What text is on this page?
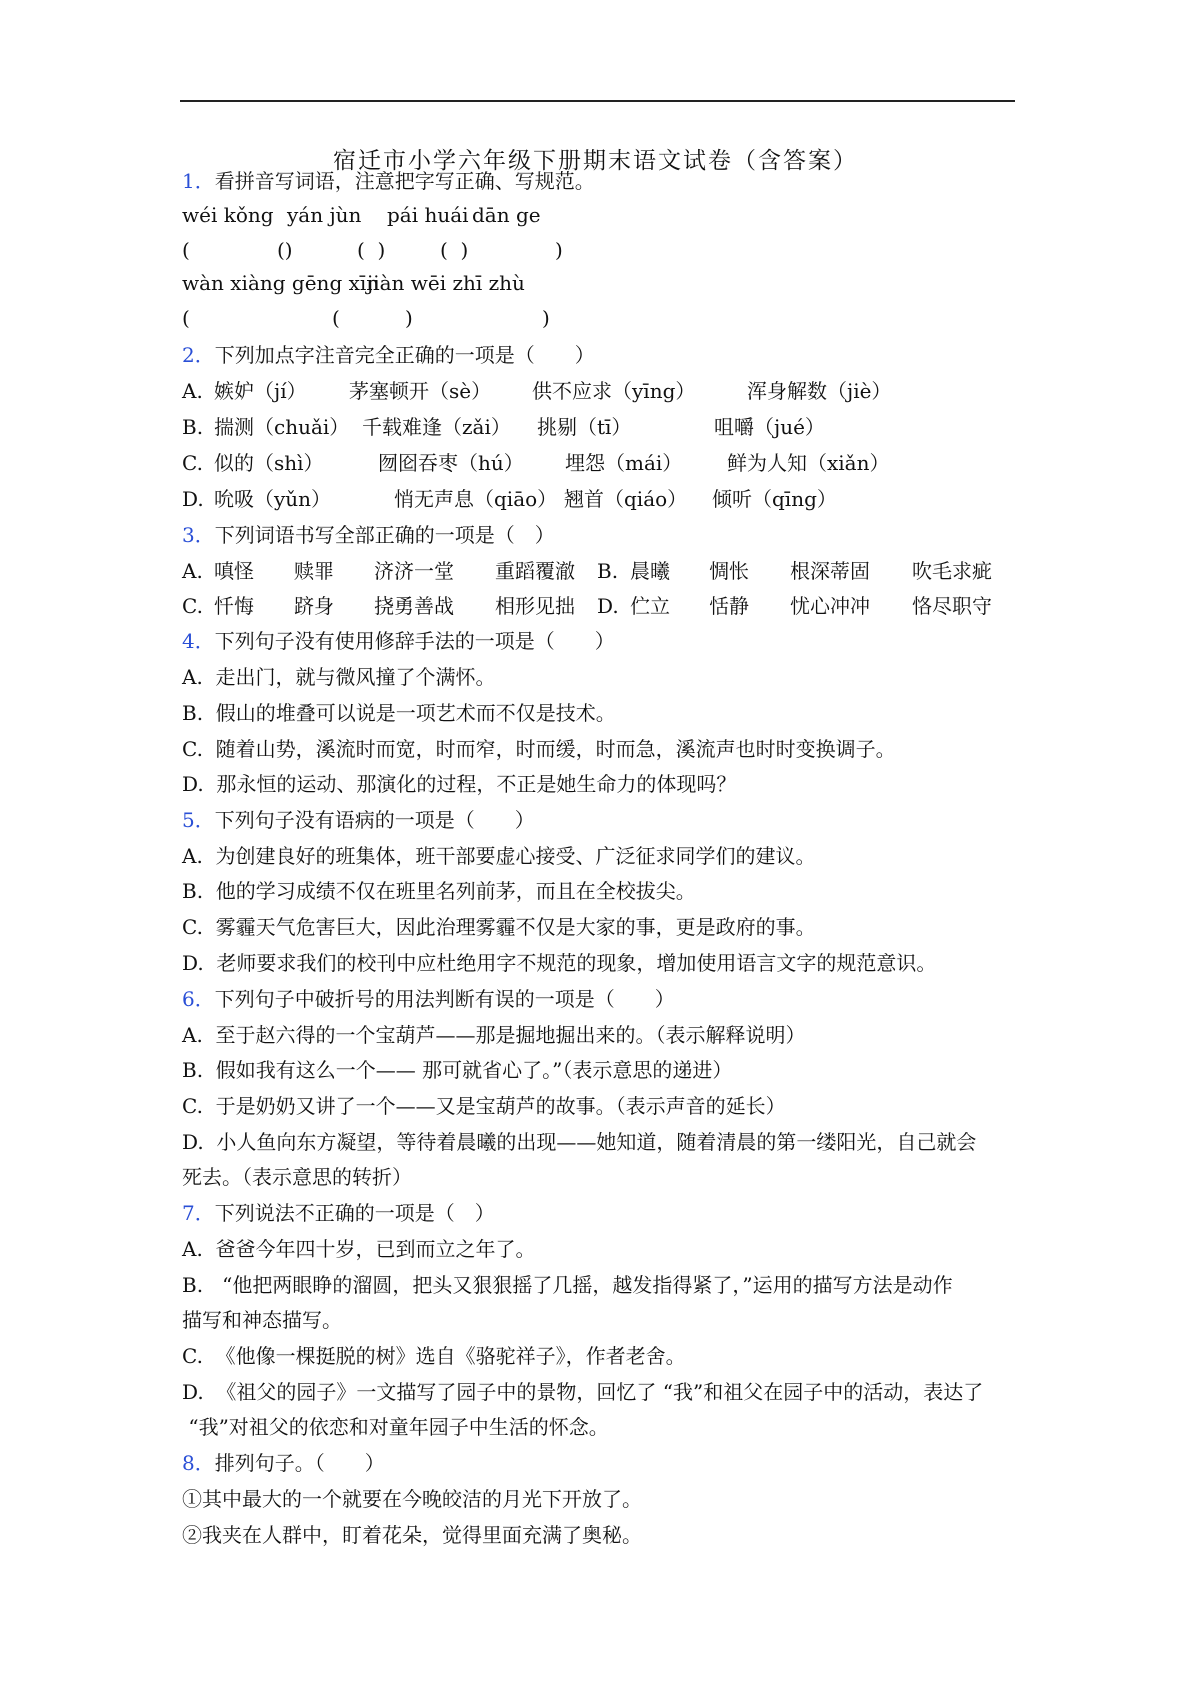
宿迁市小学六年级下册期末语文试卷（含答案）
1．看拼音写词语，注意把字写正确、写规范。
wéi kǒng yán jùn pái huái dān ge
(	()	(  )	(  )	)
wàn xiàng gēng xīn
jiàn wēi zhī zhù
(	(	)	)
2．下列加点字注音完全正确的一项是（　　）
A. 嫉妒（jí） 茅塞顿开（sè） 供不应求（yīng）	浑身解数（jiè）
B. 揣测（chuǎi） 千载难逢（zǎi） 挑剔（tī）	咀嚼（jué）
C. 似的（shì）	囫囵吞枣（hú） 埋怨（mái） 鲜为人知（xiǎn）
D. 吮吸（yǔn）	悄无声息（qiāo） 翘首（qiáo） 倾听（qīng）
3．下列词语书写全部正确的一项是（　）
A. 嗔怪 赎罪 济济一堂 重蹈覆澈 B. 晨曦 惆怅 根深蒂固 吹毛求疵
C. 忏悔 跻身 挠勇善战 相形见拙 D. 伫立 恬静 忧心冲冲 恪尽职守
4．下列句子没有使用修辞手法的一项是（　　）
A.  走出门，就与微风撞了个满怀。
B.  假山的堆叠可以说是一项艺术而不仅是技术。
C.  随着山势，溪流时而宽，时而窄，时而缓，时而急，溪流声也时时变换调子。
D.  那永恒的运动、那演化的过程，不正是她生命力的体现吗？
5．下列句子没有语病的一项是（　　）
A.  为创建良好的班集体，班干部要虚心接受、广泛征求同学们的建议。
B.  他的学习成绩不仅在班里名列前茅，而且在全校拔尖。
C.  雾霾天气危害巨大，因此治理雾霾不仅是大家的事，更是政府的事。
D.  老师要求我们的校刊中应杜绝用字不规范的现象，增加使用语言文字的规范意识。
6．下列句子中破折号的用法判断有误的一项是（　　）
A.  至于赵六得的一个宝葫芦——那是掘地掘出来的。（表示解释说明）
B.  假如我有这么一个—— 那可就省心了。”（表示意思的递进）
C.  于是奶奶又讲了一个——又是宝葫芦的故事。（表示声音的延长）
D.  小人鱼向东方凝望，等待着晨曦的出现——她知道，随着清晨的第一缕阳光，自己就会
死去。（表示意思的转折）
7．下列说法不正确的一项是（　）
A.  爸爸今年四十岁，已到而立之年了。
B.   “他把两眼睁的溜圆，把头又狠狠摇了几摇，越发指得紧了，”运用的描写方法是动作
描写和神态描写。
C.  《他像一棵挺脱的树》选自《骆驼祥子》，作者老舍。
D.  《祖父的园子》一文描写了园子中的景物，回忆了 “我”和祖父在园子中的活动，表达了
“我”对祖父的依恋和对童年园子中生活的怀念。
8．排列句子。（　　）
①其中最大的一个就要在今晚皎洁的月光下开放了。
②我夹在人群中，盯着花朵，觉得里面充满了奥秘。
